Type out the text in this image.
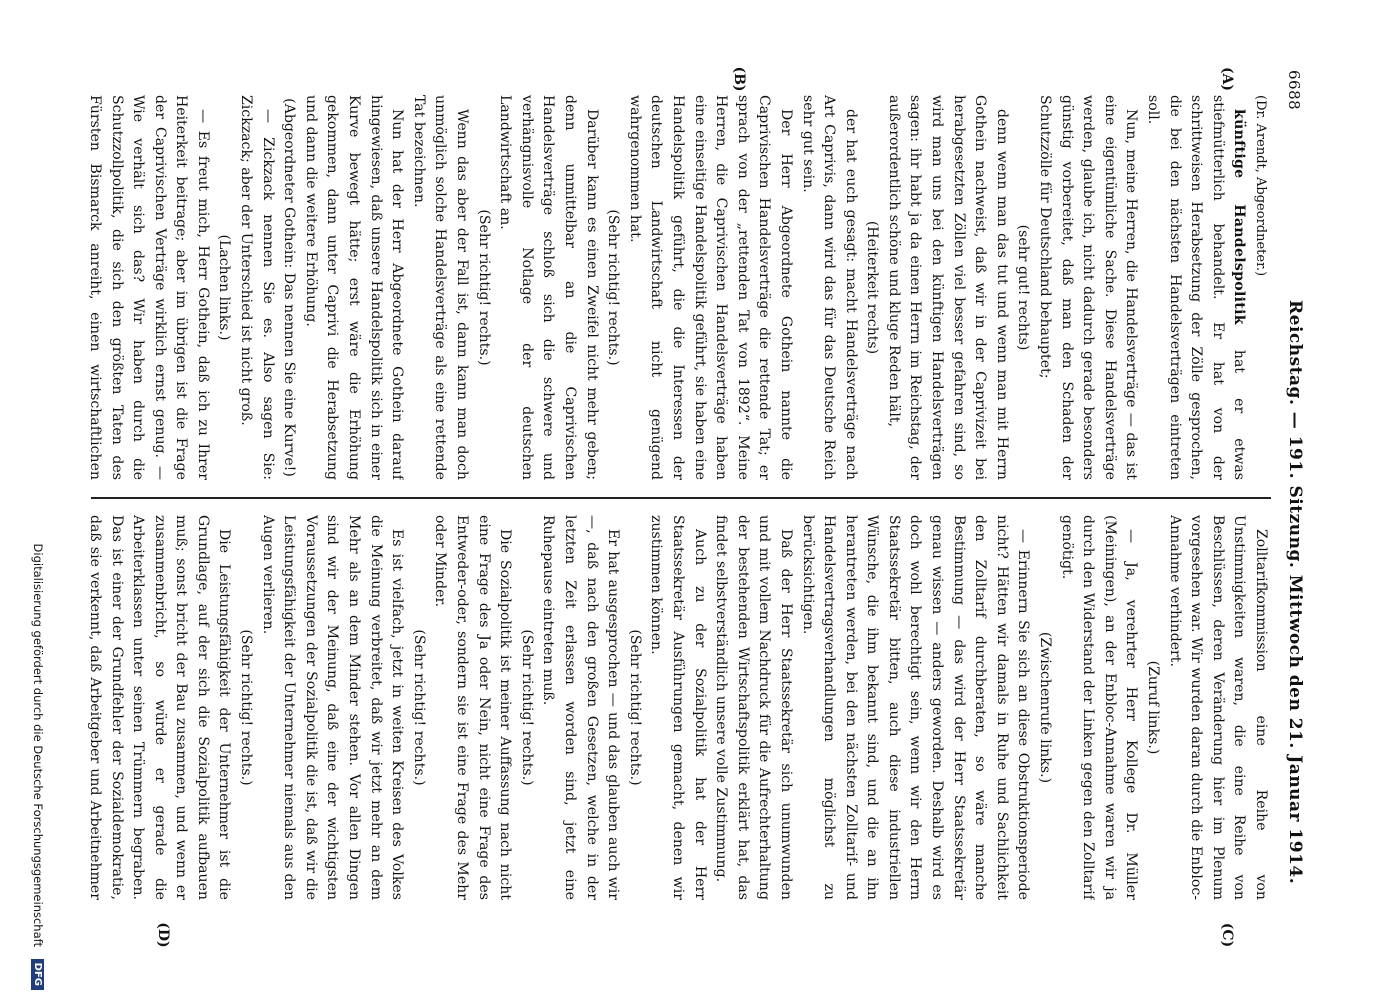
6688
Reichstag. — 191. Sitzung. Mittwoch den 21. Januar 1914.
(A)
(B)
(C)
(D)

(Dr. Arendt, Abgeordneter.)

künftige Handelspolitik hat er etwas stiefmütterlich behandelt. Er hat von der schrittweisen Herabsetzung der Zölle gesprochen, die bei den nächsten Handelsverträgen eintreten soll.

Nun, meine Herren, die Handelsverträge — das ist eine eigentümliche Sache. Diese Handelsverträge werden, glaube ich, nicht dadurch gerade besonders günstig vorbereitet, daß man den Schaden der Schutzzölle für Deutschland behauptet;

(sehr gut! rechts)

denn wenn man das tut und wenn man mit Herrn Gothein nachweist, daß wir in der Caprivizeit bei herabgesetzten Zöllen viel besser gefahren sind, so wird man uns bei den künftigen Handelsverträgen sagen: ihr habt ja da einen Herrn im Reichstag, der außerordentlich schöne und kluge Reden hält,

(Heiterkeit rechts)

der hat euch gesagt: macht Handelsverträge nach Art Caprivis, dann wird das für das Deutsche Reich sehr gut sein.

Der Herr Abgeordnete Gothein nannte die Caprivischen Handelsverträge die rettende Tat; er sprach von der „rettenden Tat von 1892“. Meine Herren, die Caprivischen Handelsverträge haben eine einseitige Handelspolitik geführt, sie haben eine Handelspolitik geführt, die die Interessen der deutschen Landwirtschaft nicht genügend wahrgenommen hat.

(Sehr richtig! rechts.)

Darüber kann es einen Zweifel nicht mehr geben; denn unmittelbar an die Caprivischen Handelsverträge schloß sich die schwere und verhängnisvolle Notlage der deutschen Landwirtschaft an.

(Sehr richtig! rechts.)

Wenn das aber der Fall ist, dann kann man doch unmöglich solche Handelsverträge als eine rettende Tat bezeichnen.

Nun hat der Herr Abgeordnete Gothein darauf hingewiesen, daß unsere Handelspolitik sich in einer Kurve bewegt hätte; erst wäre die Erhöhung gekommen, dann unter Caprivi die Herabsetzung und dann die weitere Erhöhung.

(Abgeordneter Gothein: Das nennen Sie eine Kurve!)

— Zickzack nennen Sie es. Also sagen Sie: Zickzack; aber der Unterschied ist nicht groß.

(Lachen links.)

— Es freut mich, Herr Gothein, daß ich zu Ihrer Heiterkeit beitrage; aber im übrigen ist die Frage der Caprivischen Verträge wirklich ernst genug. — Wie verhält sich das? Wir haben durch die Schutzzollpolitik, die sich den größten Taten des Fürsten Bismarck anreiht, einen wirtschaftlichen

Zolltarifkommission eine Reihe von Unstimmigkeiten waren, die eine Reihe von Beschlüssen, deren Veränderung hier im Plenum vorgesehen war. Wir wurden daran durch die Enbloc-Annahme verhindert.

(Zuruf links.)

— Ja, verehrter Herr Kollege Dr. Müller (Meiningen), an der Enbloc-Annahme waren wir ja durch den Widerstand der Linken gegen den Zolltarif genötigt.

(Zwischenrufe links.)

— Erinnern Sie sich an diese Obstruktionsperiode nicht? Hätten wir damals in Ruhe und Sachlichkeit den Zolltarif durchberaten, so wäre manche Bestimmung — das wird der Herr Staatssekretär genau wissen — anders geworden. Deshalb wird es doch wohl berechtigt sein, wenn wir den Herrn Staatssekretär bitten, auch diese industriellen Wünsche, die ihm bekannt sind, und die an ihn herantreten werden, bei den nächsten Zolltarif- und Handelsvertragsverhandlungen möglichst zu berücksichtigen.

Daß der Herr Staatssekretär sich unumwunden und mit vollem Nachdruck für die Aufrechterhaltung der bestehenden Wirtschaftspolitik erklärt hat, das findet selbstverständlich unsere volle Zustimmung.

Auch zu der Sozialpolitik hat der Herr Staatssekretär Ausführungen gemacht, denen wir zustimmen können.

(Sehr richtig! rechts.)

Er hat ausgesprochen — und das glauben auch wir —, daß nach den großen Gesetzen, welche in der letzten Zeit erlassen worden sind, jetzt eine Ruhepause eintreten muß.

(Sehr richtig! rechts.)

Die Sozialpolitik ist meiner Auffassung nach nicht eine Frage des Ja oder Nein, nicht eine Frage des Entweder-oder, sondern sie ist eine Frage des Mehr oder Minder.

(Sehr richtig! rechts.)

Es ist vielfach, jetzt in weiten Kreisen des Volkes die Meinung verbreitet, daß wir jetzt mehr an dem Mehr als an dem Minder stehen. Vor allen Dingen sind wir der Meinung, daß eine der wichtigsten Voraussetzungen der Sozialpolitik die ist, daß wir die Leistungsfähigkeit der Unternehmer niemals aus den Augen verlieren.

(Sehr richtig! rechts.)

Die Leistungsfähigkeit der Unternehmer ist die Grundlage, auf der sich die Sozialpolitik aufbauen muß; sonst bricht der Bau zusammen, und wenn er zusammenbricht, so würde er gerade die Arbeiterklassen unter seinen Trümmern begraben. Das ist einer der Grundfehler der Sozialdemokratie, daß sie verkennt, daß Arbeitgeber und Arbeitnehmer

Digitalisierung gefördert durch die Deutsche Forschungsgemeinschaft DFG
